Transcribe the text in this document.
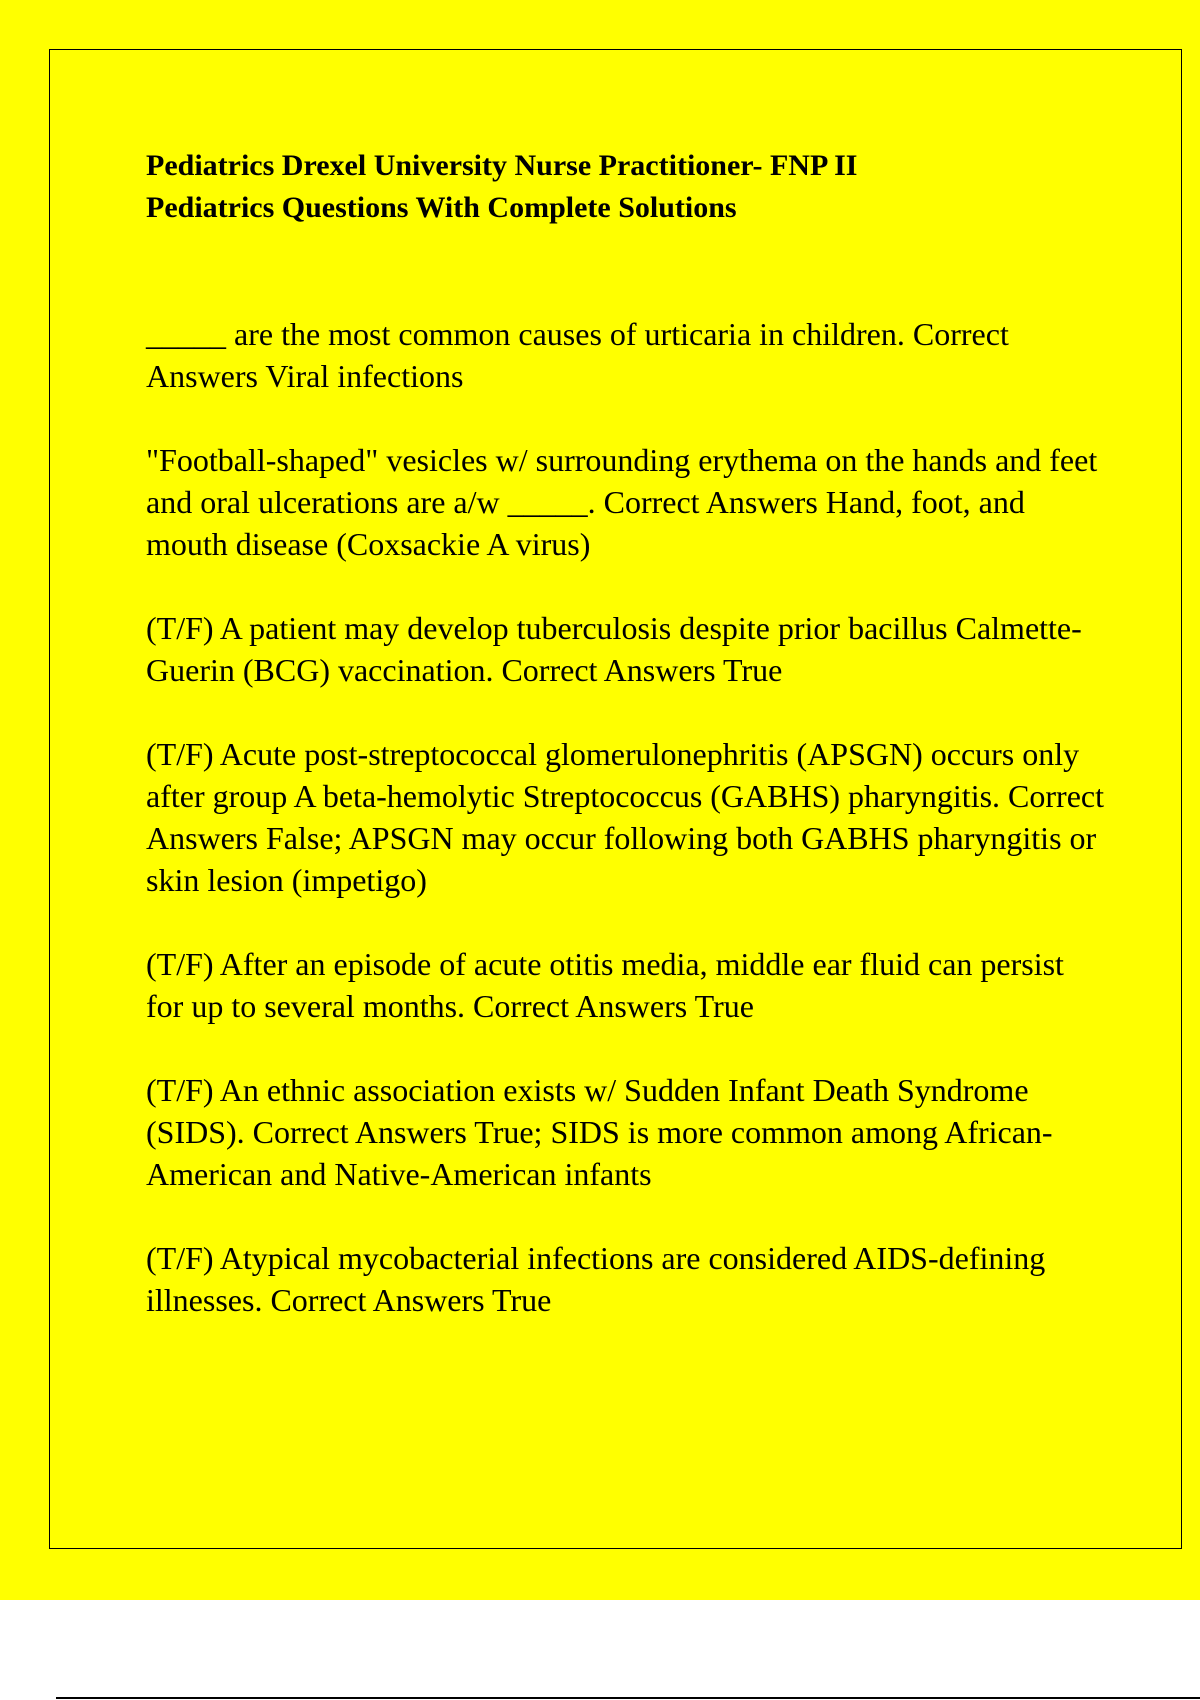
Pediatrics Drexel University Nurse Practitioner- FNP II
Pediatrics Questions With Complete Solutions
_____ are the most common causes of urticaria in children. Correct Answers Viral infections
"Football-shaped" vesicles w/ surrounding erythema on the hands and feet and oral ulcerations are a/w _____. Correct Answers Hand, foot, and mouth disease (Coxsackie A virus)
(T/F) A patient may develop tuberculosis despite prior bacillus Calmette-Guerin (BCG) vaccination. Correct Answers True
(T/F) Acute post-streptococcal glomerulonephritis (APSGN) occurs only after group A beta-hemolytic Streptococcus (GABHS) pharyngitis. Correct Answers False; APSGN may occur following both GABHS pharyngitis or skin lesion (impetigo)
(T/F) After an episode of acute otitis media, middle ear fluid can persist for up to several months. Correct Answers True
(T/F) An ethnic association exists w/ Sudden Infant Death Syndrome (SIDS). Correct Answers True; SIDS is more common among African-American and Native-American infants
(T/F) Atypical mycobacterial infections are considered AIDS-defining illnesses. Correct Answers True
